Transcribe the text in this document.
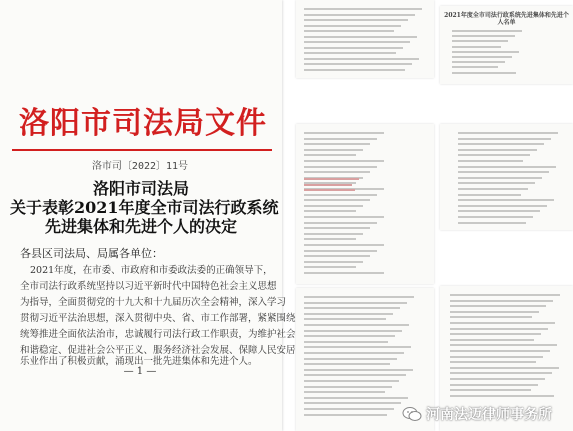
洛阳市司法局文件
洛市司〔2022〕11号
洛阳市司法局
关于表彰2021年度全市司法行政系统
先进集体和先进个人的决定
各县区司法局、局属各单位：
2021年度，在市委、市政府和市委政法委的正确领导下，
全市司法行政系统坚持以习近平新时代中国特色社会主义思想
为指导，全面贯彻党的十九大和十九届历次全会精神，深入学习
贯彻习近平法治思想，深入贯彻中央、省、市工作部署，紧紧围绕
统筹推进全面依法治市，忠诚履行司法行政工作职责，为维护社会
和谐稳定、促进社会公平正义、服务经济社会发展、保障人民安居
乐业作出了积极贡献，涌现出一批先进集体和先进个人。
— 1 —
2021年度全市司法行政系统先进集体和先进个人名单
河南法迈律师事务所
